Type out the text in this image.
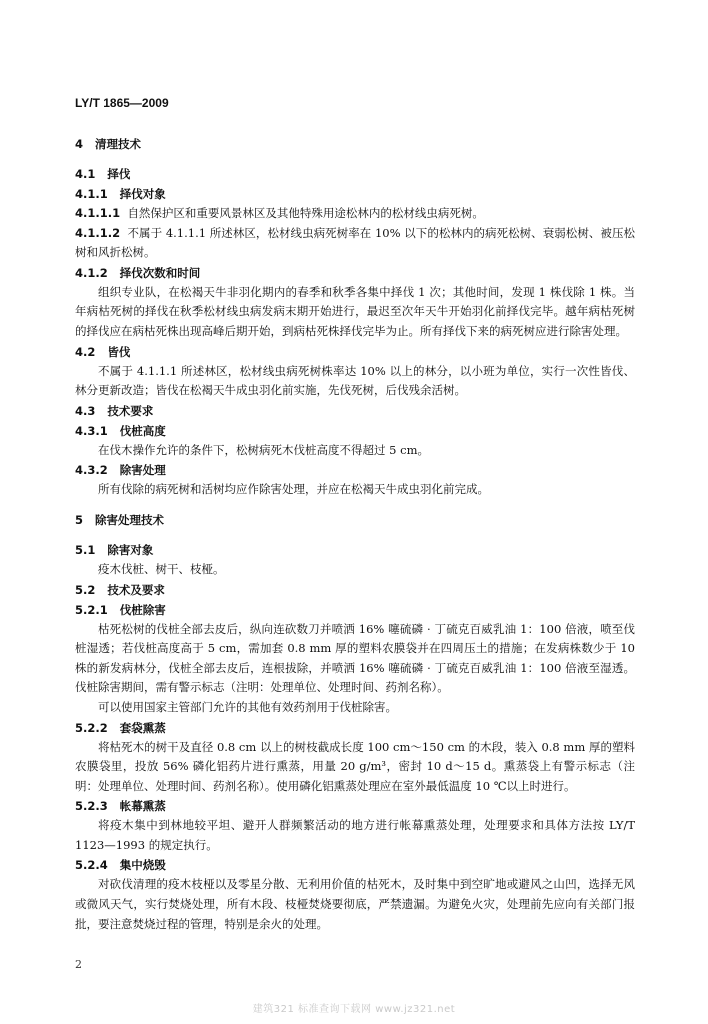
LY/T 1865—2009
4 清理技术
4.1 择伐
4.1.1 择伐对象

4.1.1.1 自然保护区和重要风景林区及其他特殊用途松林内的松材线虫病死树。

4.1.1.2 不属于 4.1.1.1 所述林区，松材线虫病死树率在 10% 以下的松林内的病死松树、衰弱松树、被压松树和风折松树。

4.1.2 择伐次数和时间

组织专业队，在松褐天牛非羽化期内的春季和秋季各集中择伐 1 次；其他时间，发现 1 株伐除 1 株。当年病枯死树的择伐在秋季松材线虫病发病末期开始进行，最迟至次年天牛开始羽化前择伐完毕。越年病枯死树的择伐应在病枯死株出现高峰后期开始，到病枯死株择伐完毕为止。所有择伐下来的病死树应进行除害处理。

4.2 皆伐

不属于 4.1.1.1 所述林区，松材线虫病死树株率达 10% 以上的林分，以小班为单位，实行一次性皆伐、林分更新改造；皆伐在松褐天牛成虫羽化前实施，先伐死树，后伐残余活树。

4.3 技术要求
4.3.1 伐桩高度

在伐木操作允许的条件下，松树病死木伐桩高度不得超过 5 cm。

4.3.2 除害处理

所有伐除的病死树和活树均应作除害处理，并应在松褐天牛成虫羽化前完成。

5 除害处理技术
5.1 除害对象

疫木伐桩、树干、枝桠。

5.2 技术及要求
5.2.1 伐桩除害

枯死松树的伐桩全部去皮后，纵向连砍数刀并喷洒 16% 噻硫磷 · 丁硫克百威乳油 1：100 倍液，喷至伐桩湿透；若伐桩高度高于 5 cm，需加套 0.8 mm 厚的塑料农膜袋并在四周压土的措施；在发病株数少于 10 株的新发病林分，伐桩全部去皮后，连根拔除，并喷洒 16% 噻硫磷 · 丁硫克百威乳油 1：100 倍液至湿透。伐桩除害期间，需有警示标志（注明：处理单位、处理时间、药剂名称）。

可以使用国家主管部门允许的其他有效药剂用于伐桩除害。

5.2.2 套袋熏蒸

将枯死木的树干及直径 0.8 cm 以上的树枝截成长度 100 cm～150 cm 的木段，装入 0.8 mm 厚的塑料农膜袋里，投放 56% 磷化铝药片进行熏蒸，用量 20 g/m³，密封 10 d～15 d。熏蒸袋上有警示标志（注明：处理单位、处理时间、药剂名称）。使用磷化铝熏蒸处理应在室外最低温度 10 ℃以上时进行。

5.2.3 帐幕熏蒸

将疫木集中到林地较平坦、避开人群频繁活动的地方进行帐幕熏蒸处理，处理要求和具体方法按 LY/T 1123—1993 的规定执行。

5.2.4 集中烧毁

对砍伐清理的疫木枝桠以及零星分散、无利用价值的枯死木，及时集中到空旷地或避风之山凹，选择无风或微风天气，实行焚烧处理，所有木段、枝桠焚烧要彻底，严禁遗漏。为避免火灾，处理前先应向有关部门报批，要注意焚烧过程的管理，特别是余火的处理。

2
建筑321 标准查询下载网 www.jz321.net
